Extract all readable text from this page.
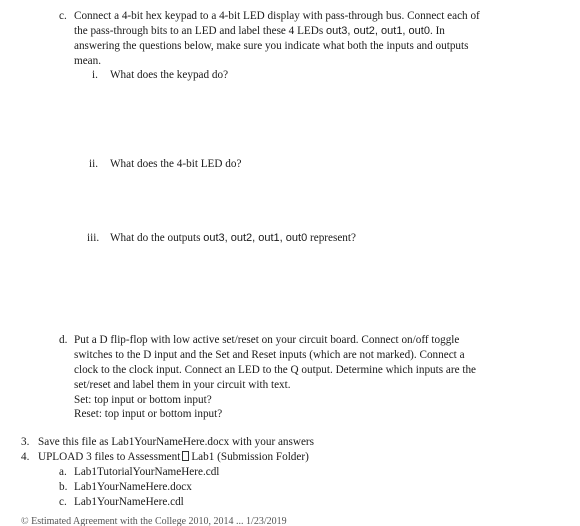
c. Connect a 4-bit hex keypad to a 4-bit LED display with pass-through bus. Connect each of
the pass-through bits to an LED and label these 4 LEDs out3, out2, out1, out0. In
answering the questions below, make sure you indicate what both the inputs and outputs
mean.
i. What does the keypad do?
ii. What does the 4-bit LED do?
iii. What do the outputs out3, out2, out1, out0 represent?
d. Put a D flip-flop with low active set/reset on your circuit board. Connect on/off toggle
switches to the D input and the Set and Reset inputs (which are not marked). Connect a
clock to the clock input. Connect an LED to the Q output. Determine which inputs are the
set/reset and label them in your circuit with text.
Set: top input or bottom input?
Reset: top input or bottom input?
3. Save this file as Lab1YourNameHere.docx with your answers
4. UPLOAD 3 files to Assessment Lab1 (Submission Folder)
a. Lab1TutorialYourNameHere.cdl
b. Lab1YourNameHere.docx
c. Lab1YourNameHere.cdl
© Estimated Agreement with the College 2010, 2014 ... 1/23/2019
